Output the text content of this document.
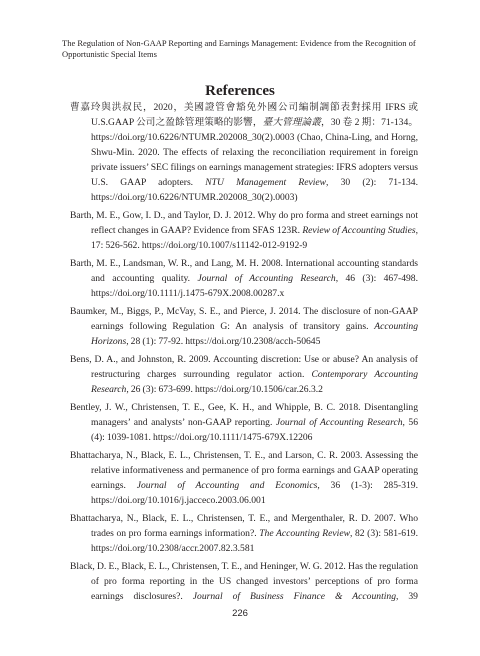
The Regulation of Non-GAAP Reporting and Earnings Management: Evidence from the Recognition of Opportunistic Special Items
References

曹嘉玲與洪叔民，2020，美國證管會豁免外國公司編制調節表對採用 IFRS 或 U.S.GAAP 公司之盈餘管理策略的影響，臺大管理論叢，30 卷 2 期：71-134。https://doi.org/10.6226/NTUMR.202008_30(2).0003 (Chao, China-Ling, and Horng, Shwu-Min. 2020. The effects of relaxing the reconciliation requirement in foreign private issuers’ SEC filings on earnings management strategies: IFRS adopters versus U.S. GAAP adopters. NTU Management Review, 30 (2): 71-134. https://doi.org/10.6226/NTUMR.202008_30(2).0003)

Barth, M. E., Gow, I. D., and Taylor, D. J. 2012. Why do pro forma and street earnings not reflect changes in GAAP? Evidence from SFAS 123R. Review of Accounting Studies, 17: 526-562. https://doi.org/10.1007/s11142-012-9192-9

Barth, M. E., Landsman, W. R., and Lang, M. H. 2008. International accounting standards and accounting quality. Journal of Accounting Research, 46 (3): 467-498. https://doi.org/10.1111/j.1475-679X.2008.00287.x

Baumker, M., Biggs, P., McVay, S. E., and Pierce, J. 2014. The disclosure of non-GAAP earnings following Regulation G: An analysis of transitory gains. Accounting Horizons, 28 (1): 77-92. https://doi.org/10.2308/acch-50645

Bens, D. A., and Johnston, R. 2009. Accounting discretion: Use or abuse? An analysis of restructuring charges surrounding regulator action. Contemporary Accounting Research, 26 (3): 673-699. https://doi.org/10.1506/car.26.3.2

Bentley, J. W., Christensen, T. E., Gee, K. H., and Whipple, B. C. 2018. Disentangling managers’ and analysts’ non-GAAP reporting. Journal of Accounting Research, 56 (4): 1039-1081. https://doi.org/10.1111/1475-679X.12206

Bhattacharya, N., Black, E. L., Christensen, T. E., and Larson, C. R. 2003. Assessing the relative informativeness and permanence of pro forma earnings and GAAP operating earnings. Journal of Accounting and Economics, 36 (1-3): 285-319. https://doi.org/10.1016/j.jacceco.2003.06.001

Bhattacharya, N., Black, E. L., Christensen, T. E., and Mergenthaler, R. D. 2007. Who trades on pro forma earnings information?. The Accounting Review, 82 (3): 581-619. https://doi.org/10.2308/accr.2007.82.3.581

Black, D. E., Black, E. L., Christensen, T. E., and Heninger, W. G. 2012. Has the regulation of pro forma reporting in the US changed investors’ perceptions of pro forma earnings disclosures?. Journal of Business Finance & Accounting, 39

226
